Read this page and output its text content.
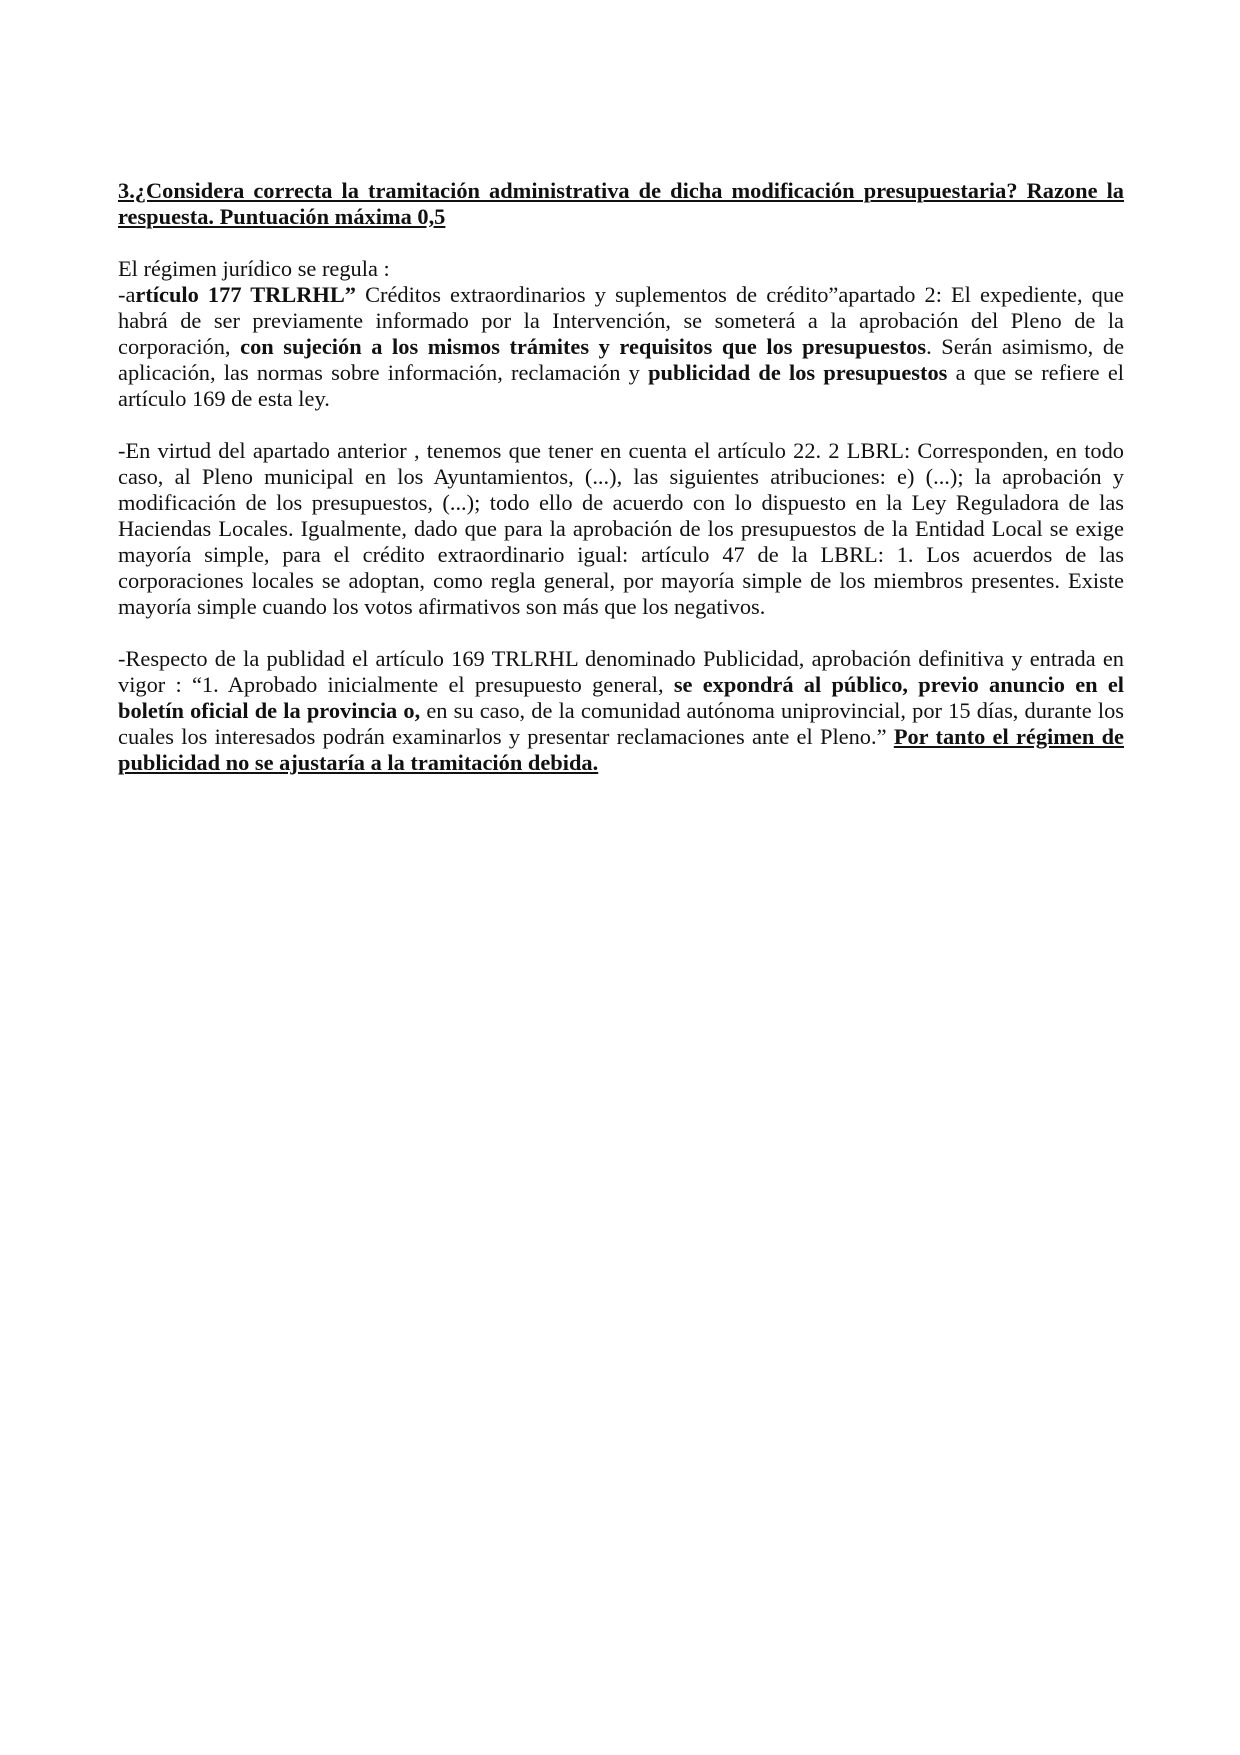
3.¿Considera correcta la tramitación administrativa de dicha modificación presupuestaria? Razone la respuesta. Puntuación máxima 0,5

El régimen jurídico se regula :

-artículo 177 TRLRHL” Créditos extraordinarios y suplementos de crédito”apartado 2: El expediente, que habrá de ser previamente informado por la Intervención, se someterá a la aprobación del Pleno de la corporación, con sujeción a los mismos trámites y requisitos que los presupuestos. Serán asimismo, de aplicación, las normas sobre información, reclamación y publicidad de los presupuestos a que se refiere el artículo 169 de esta ley.

-En virtud del apartado anterior , tenemos que tener en cuenta el artículo 22. 2 LBRL: Corresponden, en todo caso, al Pleno municipal en los Ayuntamientos, (...), las siguientes atribuciones: e) (...); la aprobación y modificación de los presupuestos, (...); todo ello de acuerdo con lo dispuesto en la Ley Reguladora de las Haciendas Locales. Igualmente, dado que para la aprobación de los presupuestos de la Entidad Local se exige mayoría simple, para el crédito extraordinario igual: artículo 47 de la LBRL: 1. Los acuerdos de las corporaciones locales se adoptan, como regla general, por mayoría simple de los miembros presentes. Existe mayoría simple cuando los votos afirmativos son más que los negativos.

-Respecto de la publidad el artículo 169 TRLRHL denominado Publicidad, aprobación definitiva y entrada en vigor : “1. Aprobado inicialmente el presupuesto general, se expondrá al público, previo anuncio en el boletín oficial de la provincia o, en su caso, de la comunidad autónoma uniprovincial, por 15 días, durante los cuales los interesados podrán examinarlos y presentar reclamaciones ante el Pleno.” Por tanto el régimen de publicidad no se ajustaría a la tramitación debida.
